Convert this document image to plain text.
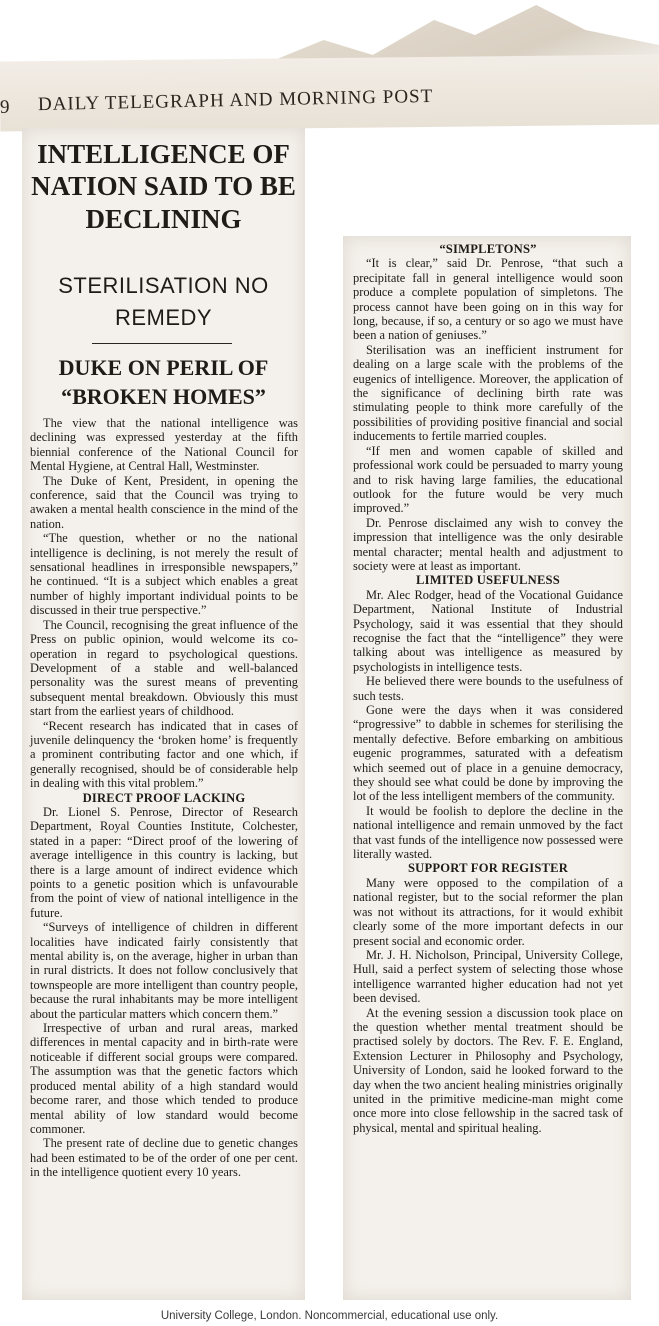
9 DAILY TELEGRAPH AND MORNING POST
INTELLIGENCE OF NATION SAID TO BE DECLINING
STERILISATION NO REMEDY
DUKE ON PERIL OF “BROKEN HOMES”

The view that the national intelligence was declining was expressed yesterday at the fifth biennial conference of the National Council for Mental Hygiene, at Central Hall, Westminster.

The Duke of Kent, President, in opening the conference, said that the Council was trying to awaken a mental health conscience in the mind of the nation.

“The question, whether or no the national intelligence is declining, is not merely the result of sensational headlines in irresponsible newspapers,” he continued. “It is a subject which enables a great number of highly important individual points to be discussed in their true perspective.”

The Council, recognising the great influence of the Press on public opinion, would welcome its co-operation in regard to psychological questions. Development of a stable and well-balanced personality was the surest means of preventing subsequent mental breakdown. Obviously this must start from the earliest years of childhood.

“Recent research has indicated that in cases of juvenile delinquency the ‘broken home’ is frequently a prominent contributing factor and one which, if generally recognised, should be of considerable help in dealing with this vital problem.”

DIRECT PROOF LACKING

Dr. Lionel S. Penrose, Director of Research Department, Royal Counties Institute, Colchester, stated in a paper: “Direct proof of the lowering of average intelligence in this country is lacking, but there is a large amount of indirect evidence which points to a genetic position which is unfavourable from the point of view of national intelligence in the future.

“Surveys of intelligence of children in different localities have indicated fairly consistently that mental ability is, on the average, higher in urban than in rural districts. It does not follow conclusively that townspeople are more intelligent than country people, because the rural inhabitants may be more intelligent about the particular matters which concern them.”

Irrespective of urban and rural areas, marked differences in mental capacity and in birth-rate were noticeable if different social groups were compared. The assumption was that the genetic factors which produced mental ability of a high standard would become rarer, and those which tended to produce mental ability of low standard would become commoner.

The present rate of decline due to genetic changes had been estimated to be of the order of one per cent. in the intelligence quotient every 10 years.

“SIMPLETONS”

“It is clear,” said Dr. Penrose, “that such a precipitate fall in general intelligence would soon produce a complete population of simpletons. The process cannot have been going on in this way for long, because, if so, a century or so ago we must have been a nation of geniuses.”

Sterilisation was an inefficient instrument for dealing on a large scale with the problems of the eugenics of intelligence. Moreover, the application of the significance of declining birth rate was stimulating people to think more carefully of the possibilities of providing positive financial and social inducements to fertile married couples.

“If men and women capable of skilled and professional work could be persuaded to marry young and to risk having large families, the educational outlook for the future would be very much improved.”

Dr. Penrose disclaimed any wish to convey the impression that intelligence was the only desirable mental character; mental health and adjustment to society were at least as important.

LIMITED USEFULNESS

Mr. Alec Rodger, head of the Vocational Guidance Department, National Institute of Industrial Psychology, said it was essential that they should recognise the fact that the “intelligence” they were talking about was intelligence as measured by psychologists in intelligence tests.

He believed there were bounds to the usefulness of such tests.

Gone were the days when it was considered “progressive” to dabble in schemes for sterilising the mentally defective. Before embarking on ambitious eugenic programmes, saturated with a defeatism which seemed out of place in a genuine democracy, they should see what could be done by improving the lot of the less intelligent members of the community.

It would be foolish to deplore the decline in the national intelligence and remain unmoved by the fact that vast funds of the intelligence now possessed were literally wasted.

SUPPORT FOR REGISTER

Many were opposed to the compilation of a national register, but to the social reformer the plan was not without its attractions, for it would exhibit clearly some of the more important defects in our present social and economic order.

Mr. J. H. Nicholson, Principal, University College, Hull, said a perfect system of selecting those whose intelligence warranted higher education had not yet been devised.

At the evening session a discussion took place on the question whether mental treatment should be practised solely by doctors. The Rev. F. E. England, Extension Lecturer in Philosophy and Psychology, University of London, said he looked forward to the day when the two ancient healing ministries originally united in the primitive medicine-man might come once more into close fellowship in the sacred task of physical, mental and spiritual healing.

University College, London. Noncommercial, educational use only.
